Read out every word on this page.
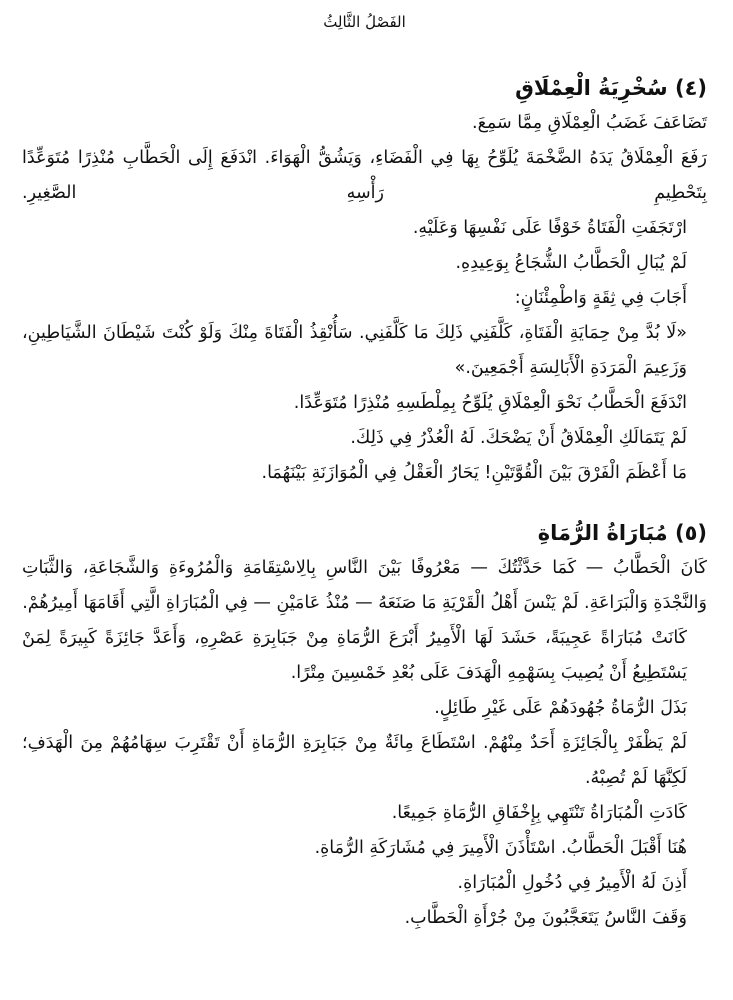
الفَصْلُ الثَّالِثُ
(٤) سُخْرِيَةُ الْعِمْلَاقِ

تَضَاعَفَ غَضَبُ الْعِمْلَاقِ مِمَّا سَمِعَ.

رَفَعَ الْعِمْلَاقُ يَدَهُ الضَّخْمَةَ يُلَوِّحُ بِهَا فِي الْفَضَاءِ، وَيَشُقُّ الْهَوَاءَ. انْدَفَعَ إِلَى الْحَطَّابِ مُنْذِرًا مُتَوَعِّدًا بِتَحْطِيمِ رَأْسِهِ الصَّغِيرِ.

ارْتَجَفَتِ الْفَتَاةُ خَوْفًا عَلَى نَفْسِهَا وَعَلَيْهِ.

لَمْ يُبَالِ الْحَطَّابُ الشُّجَاعُ بِوَعِيدِهِ.

أَجَابَ فِي ثِقَةٍ وَاطْمِئْنَانٍ:

«لَا بُدَّ مِنْ حِمَايَةِ الْفَتَاةِ، كَلَّفَنِي ذَلِكَ مَا كَلَّفَنِي. سَأُنْقِذُ الْفَتَاةَ مِنْكَ وَلَوْ كُنْتَ شَيْطَانَ الشَّيَاطِينِ، وَزَعِيمَ الْمَرَدَةِ الْأَبَالِسَةِ أَجْمَعِينَ.»

انْدَفَعَ الْحَطَّابُ نَحْوَ الْعِمْلَاقِ يُلَوِّحُ بِمِلْطَسِهِ مُنْذِرًا مُتَوَعِّدًا.

لَمْ يَتَمَالَكِ الْعِمْلَاقُ أَنْ يَضْحَكَ. لَهُ الْعُذْرُ فِي ذَلِكَ.

مَا أَعْظَمَ الْفَرْقَ بَيْنَ الْقُوَّتَيْنِ! يَحَارُ الْعَقْلُ فِي الْمُوَازَنَةِ بَيْنَهُمَا.

(٥) مُبَارَاةُ الرُّمَاةِ

كَانَ الْحَطَّابُ — كَمَا حَدَّثْتُكَ — مَعْرُوفًا بَيْنَ النَّاسِ بِالِاسْتِقَامَةِ وَالْمُرُوءَةِ وَالشَّجَاعَةِ، وَالثَّبَاتِ وَالنَّجْدَةِ وَالْبَرَاعَةِ. لَمْ يَنْسَ أَهْلُ الْقَرْيَةِ مَا صَنَعَهُ — مُنْذُ عَامَيْنِ — فِي الْمُبَارَاةِ الَّتِي أَقَامَهَا أَمِيرُهُمْ.

كَانَتْ مُبَارَاةً عَجِيبَةً، حَشَدَ لَهَا الْأَمِيرُ أَبْرَعَ الرُّمَاةِ مِنْ جَبَابِرَةِ عَصْرِهِ، وَأَعَدَّ جَائِزَةً كَبِيرَةً لِمَنْ يَسْتَطِيعُ أَنْ يُصِيبَ بِسَهْمِهِ الْهَدَفَ عَلَى بُعْدِ خَمْسِينَ مِتْرًا.

بَذَلَ الرُّمَاةُ جُهُودَهُمْ عَلَى غَيْرِ طَائِلٍ.

لَمْ يَظْفَرْ بِالْجَائِزَةِ أَحَدٌ مِنْهُمْ. اسْتَطَاعَ مِائَةٌ مِنْ جَبَابِرَةِ الرُّمَاةِ أَنْ تَقْتَرِبَ سِهَامُهُمْ مِنَ الْهَدَفِ؛ لَكِنَّهَا لَمْ تُصِبْهُ.

كَادَتِ الْمُبَارَاةُ تَنْتَهِي بِإِخْفَاقِ الرُّمَاةِ جَمِيعًا.

هُنَا أَقْبَلَ الْحَطَّابُ. اسْتَأْذَنَ الْأَمِيرَ فِي مُشَارَكَةِ الرُّمَاةِ.

أَذِنَ لَهُ الْأَمِيرُ فِي دُخُولِ الْمُبَارَاةِ.

وَقَفَ النَّاسُ يَتَعَجَّبُونَ مِنْ جُرْأَةِ الْحَطَّابِ.
